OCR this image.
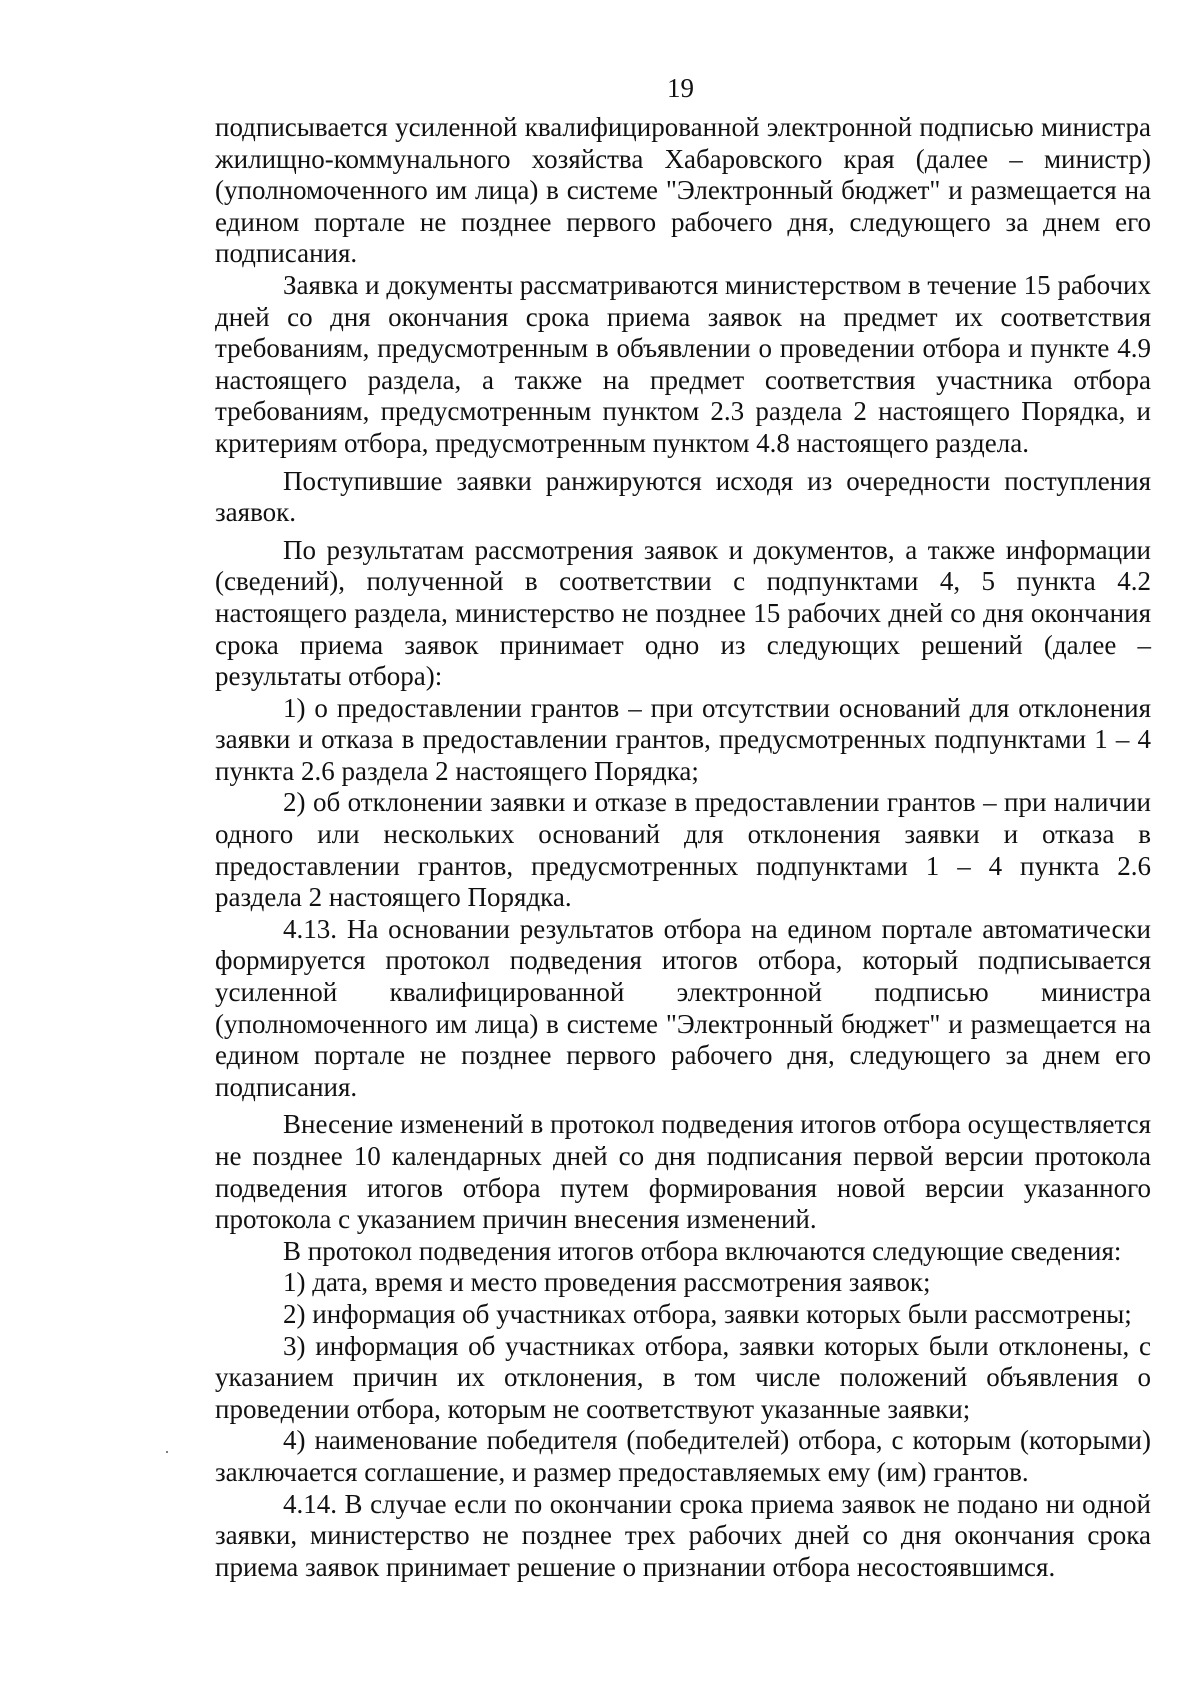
19

подписывается усиленной квалифицированной электронной подписью министра жилищно-коммунального хозяйства Хабаровского края (далее – министр) (уполномоченного им лица) в системе "Электронный бюджет" и размещается на едином портале не позднее первого рабочего дня, следующего за днем его подписания.

Заявка и документы рассматриваются министерством в течение 15 рабочих дней со дня окончания срока приема заявок на предмет их соответствия требованиям, предусмотренным в объявлении о проведении отбора и пункте 4.9 настоящего раздела, а также на предмет соответствия участника отбора требованиям, предусмотренным пунктом 2.3 раздела 2 настоящего Порядка, и критериям отбора, предусмотренным пунктом 4.8 настоящего раздела.

Поступившие заявки ранжируются исходя из очередности поступления заявок.

По результатам рассмотрения заявок и документов, а также информации (сведений), полученной в соответствии с подпунктами 4, 5 пункта 4.2 настоящего раздела, министерство не позднее 15 рабочих дней со дня окончания срока приема заявок принимает одно из следующих решений (далее – результаты отбора):

1) о предоставлении грантов – при отсутствии оснований для отклонения заявки и отказа в предоставлении грантов, предусмотренных подпунктами 1 – 4 пункта 2.6 раздела 2 настоящего Порядка;

2) об отклонении заявки и отказе в предоставлении грантов – при наличии одного или нескольких оснований для отклонения заявки и отказа в предоставлении грантов, предусмотренных подпунктами 1 – 4 пункта 2.6 раздела 2 настоящего Порядка.

4.13. На основании результатов отбора на едином портале автоматически формируется протокол подведения итогов отбора, который подписывается усиленной квалифицированной электронной подписью министра (уполномоченного им лица) в системе "Электронный бюджет" и размещается на едином портале не позднее первого рабочего дня, следующего за днем его подписания.

Внесение изменений в протокол подведения итогов отбора осуществляется не позднее 10 календарных дней со дня подписания первой версии протокола подведения итогов отбора путем формирования новой версии указанного протокола с указанием причин внесения изменений.

В протокол подведения итогов отбора включаются следующие сведения:

1) дата, время и место проведения рассмотрения заявок;

2) информация об участниках отбора, заявки которых были рассмотрены;

3) информация об участниках отбора, заявки которых были отклонены, с указанием причин их отклонения, в том числе положений объявления о проведении отбора, которым не соответствуют указанные заявки;

4) наименование победителя (победителей) отбора, с которым (которыми) заключается соглашение, и размер предоставляемых ему (им) грантов.

4.14. В случае если по окончании срока приема заявок не подано ни одной заявки, министерство не позднее трех рабочих дней со дня окончания срока приема заявок принимает решение о признании отбора несостоявшимся.
